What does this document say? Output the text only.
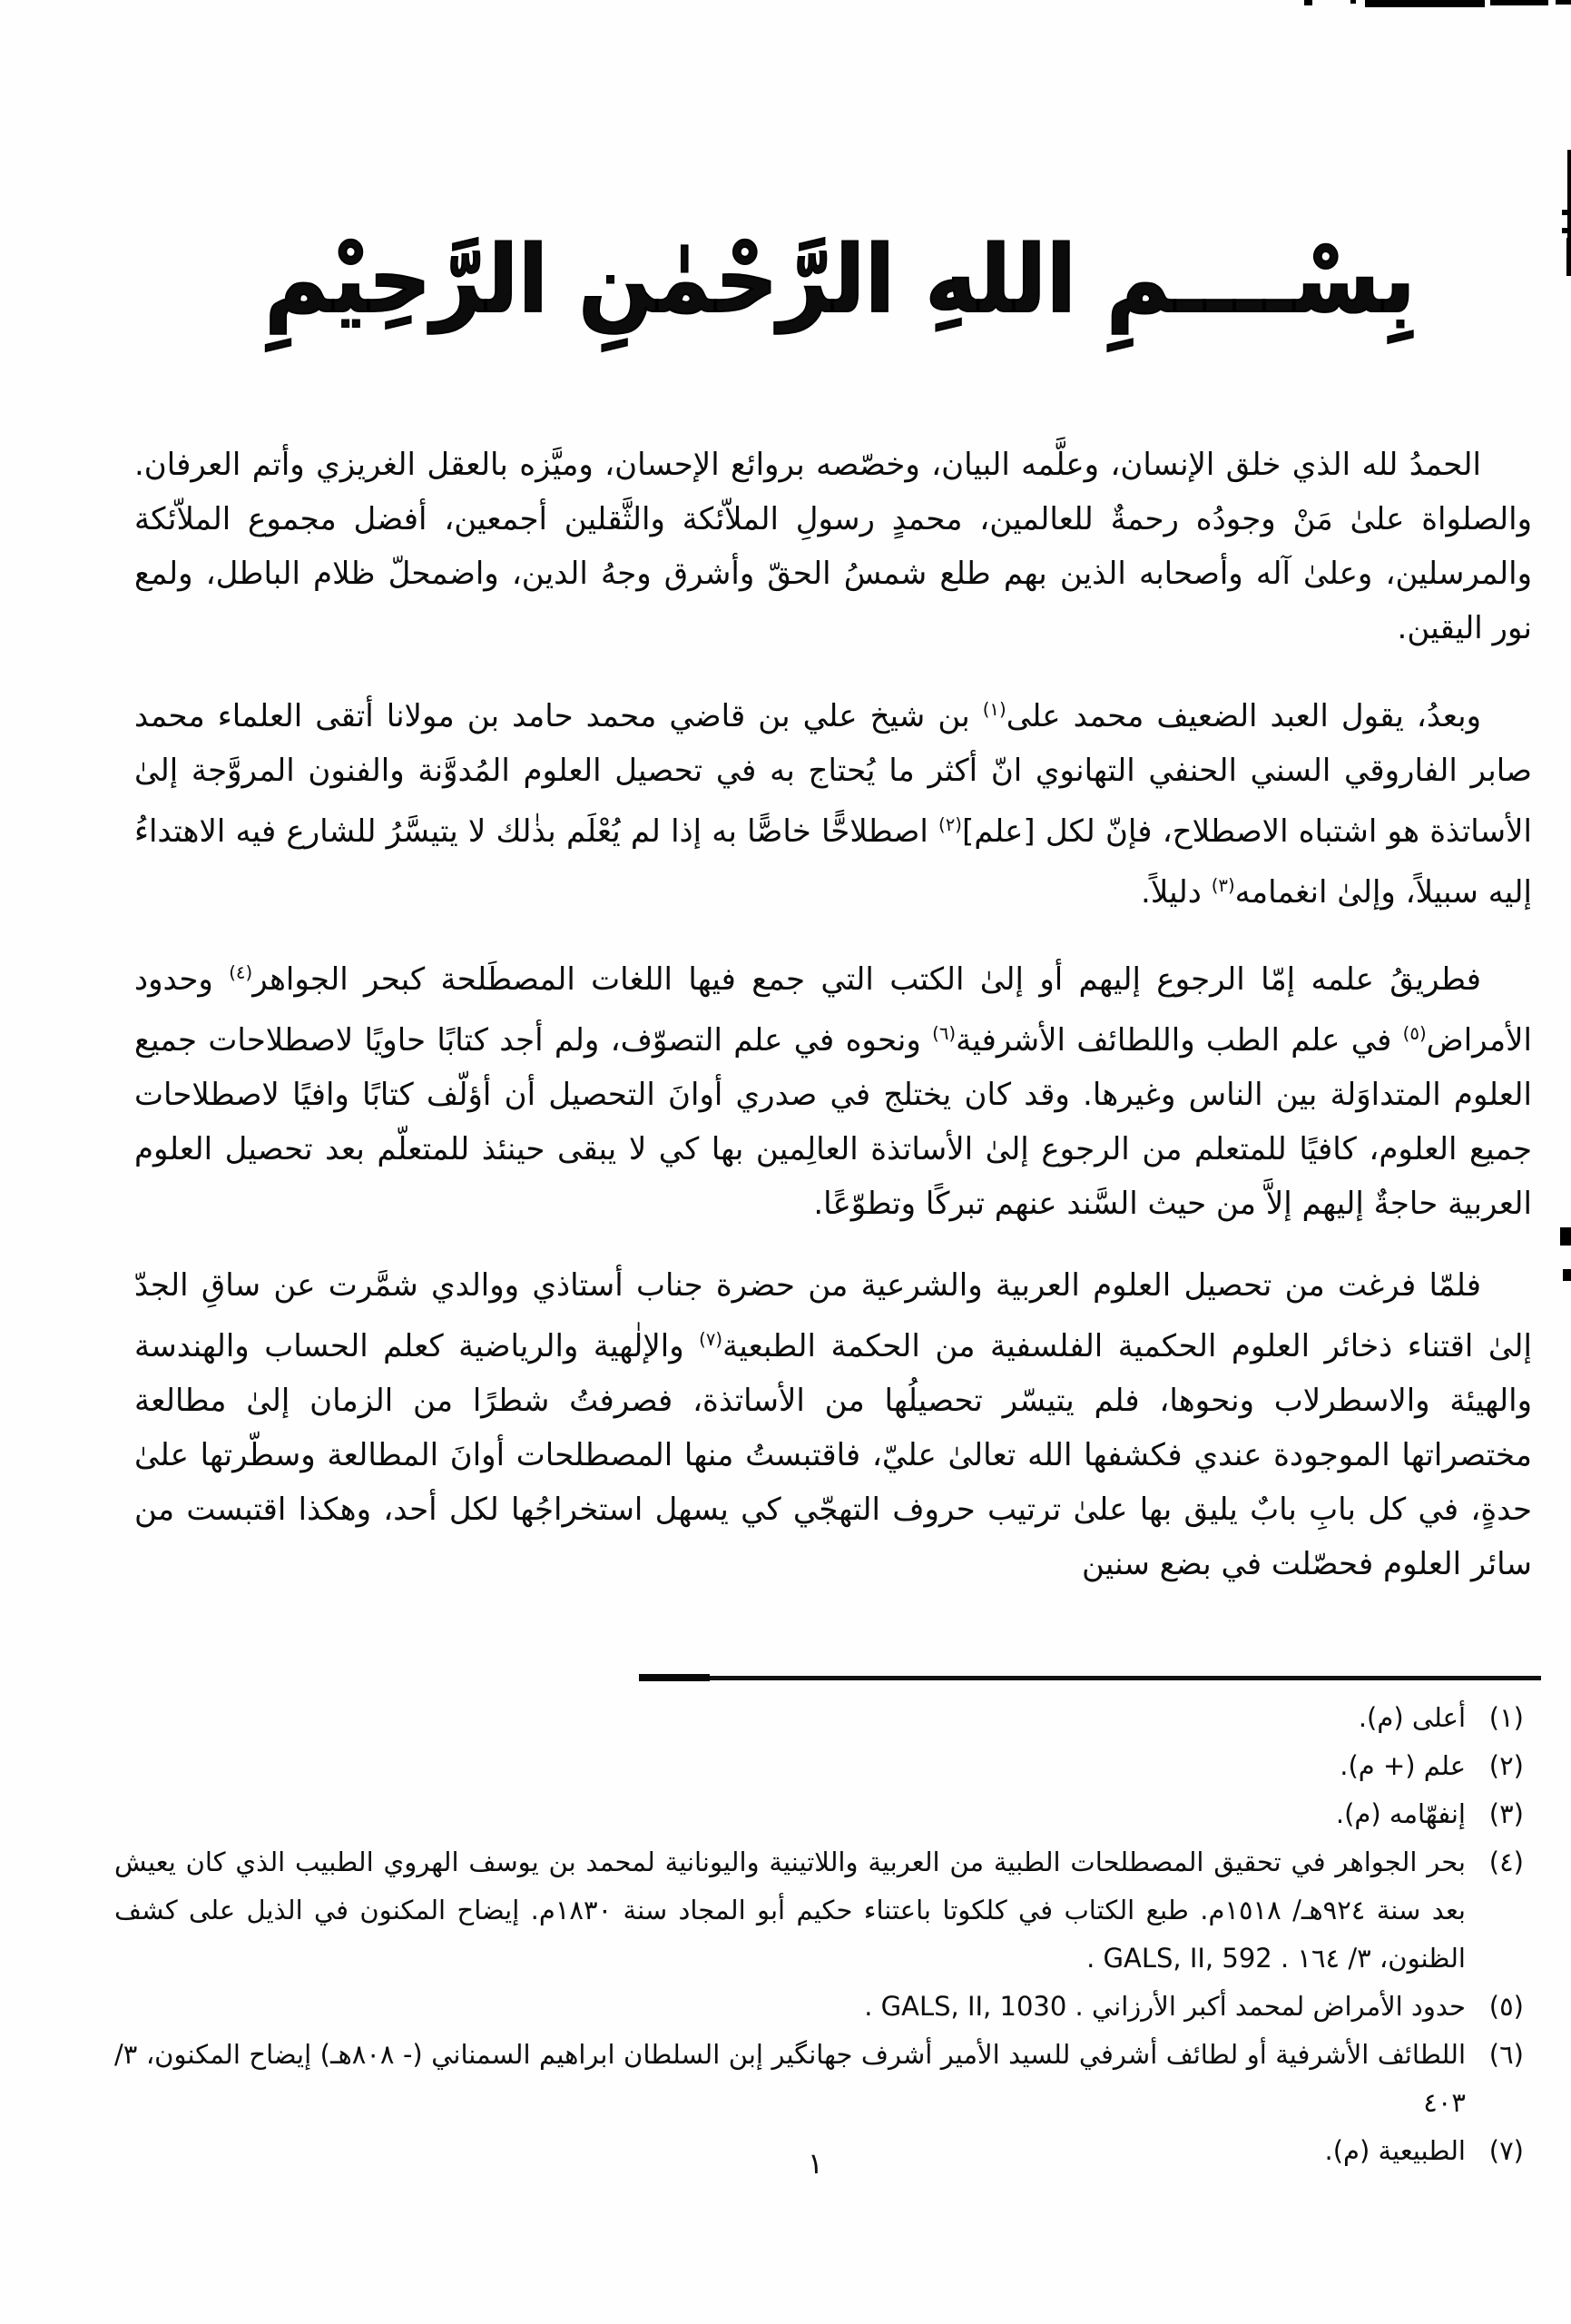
بِسْــــمِ اللهِ الرَّحْمٰنِ الرَّحِيْمِ

الحمدُ لله الذي خلق الإنسان، وعلَّمه البيان، وخصّصه بروائع الإحسان، وميَّزه بالعقل الغريزي وأتم العرفان. والصلواة علىٰ مَنْ وجودُه رحمةٌ للعالمين، محمدٍ رسولِ الملاّئكة والثَّقلين أجمعين، أفضل مجموع الملاّئكة والمرسلين، وعلىٰ آله وأصحابه الذين بهم طلع شمسُ الحقّ وأشرق وجهُ الدين، واضمحلّ ظلام الباطل، ولمع نور اليقين.

وبعدُ، يقول العبد الضعيف محمد على$^{(١)}$ بن شيخ علي بن قاضي محمد حامد بن مولانا أتقى العلماء محمد صابر الفاروقي السني الحنفي التهانوي انّ أكثر ما يُحتاج به في تحصيل العلوم المُدوَّنة والفنون المروَّجة إلىٰ الأساتذة هو اشتباه الاصطلاح، فإنّ لكل [علم]$^{(٢)}$ اصطلاحًّا خاصًّا به إذا لم يُعْلَم بذٰلك لا يتيسَّرُ للشارع فيه الاهتداءُ إليه سبيلاً، وإلىٰ انغمامه$^{(٣)}$ دليلاً.

فطريقُ علمه إمّا الرجوع إليهم أو إلىٰ الكتب التي جمع فيها اللغات المصطَلحة كبحر الجواهر$^{(٤)}$ وحدود الأمراض$^{(٥)}$ في علم الطب واللطائف الأشرفية$^{(٦)}$ ونحوه في علم التصوّف، ولم أجد كتابًا حاويًا لاصطلاحات جميع العلوم المتداوَلة بين الناس وغيرها. وقد كان يختلج في صدري أوانَ التحصيل أن أؤلّف كتابًا وافيًا لاصطلاحات جميع العلوم، كافيًا للمتعلم من الرجوع إلىٰ الأساتذة العالِمين بها كي لا يبقى حينئذ للمتعلّم بعد تحصيل العلوم العربية حاجةٌ إليهم إلاَّ من حيث السَّند عنهم تبركًا وتطوّعًا.

فلمّا فرغت من تحصيل العلوم العربية والشرعية من حضرة جناب أستاذي ووالدي شمَّرت عن ساقِ الجدّ إلىٰ اقتناء ذخائر العلوم الحكمية الفلسفية من الحكمة الطبعية$^{(٧)}$ والإلٰهية والرياضية كعلم الحساب والهندسة والهيئة والاسطرلاب ونحوها، فلم يتيسّر تحصيلُها من الأساتذة، فصرفتُ شطرًا من الزمان إلىٰ مطالعة مختصراتها الموجودة عندي فكشفها الله تعالىٰ عليّ، فاقتبستُ منها المصطلحات أوانَ المطالعة وسطّرتها علىٰ حدةٍ، في كل بابِ بابٌ يليق بها علىٰ ترتيب حروف التهجّي كي يسهل استخراجُها لكل أحد، وهكذا اقتبست من سائر العلوم فحصّلت في بضع سنين

(١)
أعلى (م).
(٢)
علم (+ م).
(٣)
إنفهّامه (م).
(٤)
بحر الجواهر في تحقيق المصطلحات الطبية من العربية واللاتينية واليونانية لمحمد بن يوسف الهروي الطبيب الذي كان يعيش بعد سنة ٩٢٤هـ/ ١٥١٨م. طبع الكتاب في كلكوتا باعتناء حكيم أبو المجاد سنة ١٨٣٠م. إيضاح المكنون في الذيل على كشف الظنون، ٣/ ١٦٤ . GALS, II, 592 .
(٥)
حدود الأمراض لمحمد أكبر الأرزاني . GALS, II, 1030 .
(٦)
اللطائف الأشرفية أو لطائف أشرفي للسيد الأمير أشرف جهانگير إبن السلطان ابراهيم السمناني (- ٨٠٨هـ) إيضاح المكنون، ٣/ ٤٠٣
(٧)
الطبيعية (م).
١
